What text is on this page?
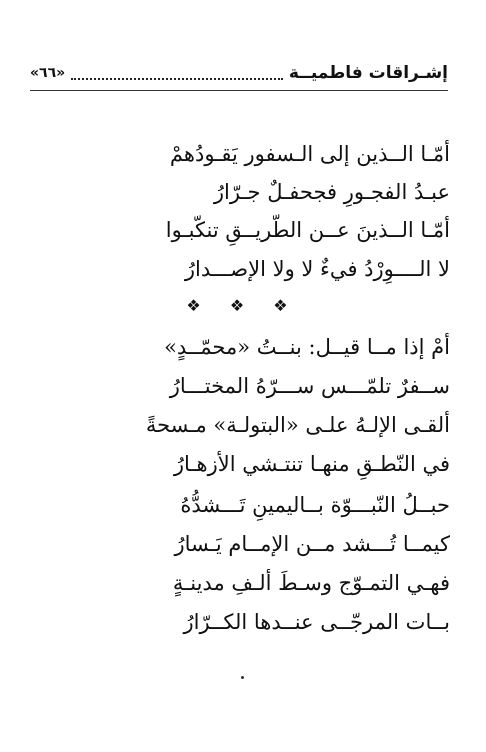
إشـراقات فاطميــة
«٦٦»
أمّـا الــذين إلى الـسفور يَقـودُهمْ
عبـدُ الفجـورِ فجحفـلٌ جـرّارُ
أمّـا الــذينَ عــن الطّريــقِ تنكّبـوا
لا الــــوِرْدُ فيءٌ لا ولا الإصـــدارُ
❖ ❖ ❖
أمْ إذا مــا قيــل: بنــتُ «محمّــدٍ»
ســفرٌ تلمّـــس ســـرّهُ المختـــارُ
ألقـى الإلـهُ علـى «البتولـة» مـسحةً
في النّطـقِ منهـا تنتـشي الأزهـارُ
حبــلُ النّبـــوّة بــاليمينِ تَـــشدُّهُ
كيمــا تُـــشد مــن الإمــام يَـسارُ
فهـي التمـوّج وسـطَ ألـفِ مدينـةٍ
بــات المرجّــى عنــدها الكــرّارُ
